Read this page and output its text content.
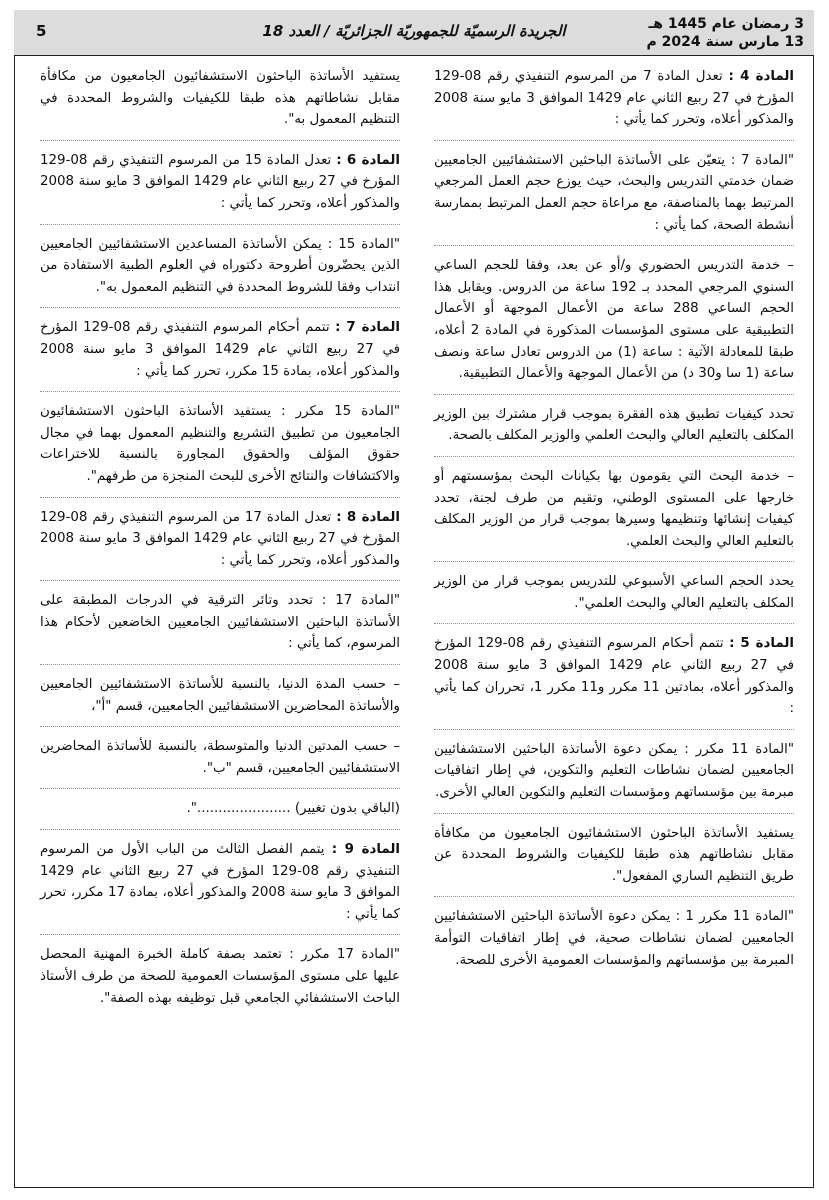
3 رمضان عام 1445 هـ
13 مارس سنة 2024 م
الجريدة الرسميّة للجمهوريّة الجزائريّة / العدد 18
5

المادة 4 : تعدل المادة 7 من المرسوم التنفيذي رقم 08-129 المؤرخ في 27 ربيع الثاني عام 1429 الموافق 3 مايو سنة 2008 والمذكور أعلاه، وتحرر كما يأتي :

"المادة 7 : يتعيّن على الأساتذة الباحثين الاستشفائيين الجامعيين ضمان خدمتي التدريس والبحث، حيث يوزع حجم العمل المرجعي المرتبط بهما بالمناصفة، مع مراعاة حجم العمل المرتبط بممارسة أنشطة الصحة، كما يأتي :

– خدمة التدريس الحضوري و/أو عن بعد، وفقا للحجم الساعي السنوي المرجعي المحدد بـ 192 ساعة من الدروس. ويقابل هذا الحجم الساعي 288 ساعة من الأعمال الموجهة أو الأعمال التطبيقية على مستوى المؤسسات المذكورة في المادة 2 أعلاه، طبقا للمعادلة الآتية : ساعة (1) من الدروس تعادل ساعة ونصف ساعة (1 سا و30 د) من الأعمال الموجهة والأعمال التطبيقية.

تحدد كيفيات تطبيق هذه الفقرة بموجب قرار مشترك بين الوزير المكلف بالتعليم العالي والبحث العلمي والوزير المكلف بالصحة.

– خدمة البحث التي يقومون بها بكيانات البحث بمؤسستهم أو خارجها على المستوى الوطني، وتقيم من طرف لجنة، تحدد كيفيات إنشائها وتنظيمها وسيرها بموجب قرار من الوزير المكلف بالتعليم العالي والبحث العلمي.

يحدد الحجم الساعي الأسبوعي للتدريس بموجب قرار من الوزير المكلف بالتعليم العالي والبحث العلمي".

المادة 5 : تتمم أحكام المرسوم التنفيذي رقم 08-129 المؤرخ في 27 ربيع الثاني عام 1429 الموافق 3 مايو سنة 2008 والمذكور أعلاه، بمادتين 11 مكرر و11 مكرر 1، تحرران كما يأتي :

"المادة 11 مكرر : يمكن دعوة الأساتذة الباحثين الاستشفائيين الجامعيين لضمان نشاطات التعليم والتكوين، في إطار اتفاقيات مبرمة بين مؤسساتهم ومؤسسات التعليم والتكوين العالي الأخرى.

يستفيد الأساتذة الباحثون الاستشفائيون الجامعيون من مكافأة مقابل نشاطاتهم هذه طبقا للكيفيات والشروط المحددة عن طريق التنظيم الساري المفعول".

"المادة 11 مكرر 1 : يمكن دعوة الأساتذة الباحثين الاستشفائيين الجامعيين لضمان نشاطات صحية، في إطار اتفاقيات التوأمة المبرمة بين مؤسساتهم والمؤسسات العمومية الأخرى للصحة.

يستفيد الأساتذة الباحثون الاستشفائيون الجامعيون من مكافأة مقابل نشاطاتهم هذه طبقا للكيفيات والشروط المحددة في التنظيم المعمول به".

المادة 6 : تعدل المادة 15 من المرسوم التنفيذي رقم 08-129 المؤرخ في 27 ربيع الثاني عام 1429 الموافق 3 مايو سنة 2008 والمذكور أعلاه، وتحرر كما يأتي :

"المادة 15 : يمكن الأساتذة المساعدين الاستشفائيين الجامعيين الذين يحضّرون أطروحة دكتوراه في العلوم الطبية الاستفادة من انتداب وفقا للشروط المحددة في التنظيم المعمول به".

المادة 7 : تتمم أحكام المرسوم التنفيذي رقم 08-129 المؤرخ في 27 ربيع الثاني عام 1429 الموافق 3 مايو سنة 2008 والمذكور أعلاه، بمادة 15 مكرر، تحرر كما يأتي :

"المادة 15 مكرر : يستفيد الأساتذة الباحثون الاستشفائيون الجامعيون من تطبيق التشريع والتنظيم المعمول بهما في مجال حقوق المؤلف والحقوق المجاورة بالنسبة للاختراعات والاكتشافات والنتائج الأخرى للبحث المنجزة من طرفهم".

المادة 8 : تعدل المادة 17 من المرسوم التنفيذي رقم 08-129 المؤرخ في 27 ربيع الثاني عام 1429 الموافق 3 مايو سنة 2008 والمذكور أعلاه، وتحرر كما يأتي :

"المادة 17 : تحدد وتائر الترقية في الدرجات المطبقة على الأساتذة الباحثين الاستشفائيين الجامعيين الخاضعين لأحكام هذا المرسوم، كما يأتي :

– حسب المدة الدنيا، بالنسبة للأساتذة الاستشفائيين الجامعيين والأساتذة المحاضرين الاستشفائيين الجامعيين، قسم "أ"،

– حسب المدتين الدنيا والمتوسطة، بالنسبة للأساتذة المحاضرين الاستشفائيين الجامعيين، قسم "ب".

(الباقي بدون تغيير) ......................".

المادة 9 : يتمم الفصل الثالث من الباب الأول من المرسوم التنفيذي رقم 08-129 المؤرخ في 27 ربيع الثاني عام 1429 الموافق 3 مايو سنة 2008 والمذكور أعلاه، بمادة 17 مكرر، تحرر كما يأتي :

"المادة 17 مكرر : تعتمد بصفة كاملة الخبرة المهنية المحصل عليها على مستوى المؤسسات العمومية للصحة من طرف الأستاذ الباحث الاستشفائي الجامعي قبل توظيفه بهذه الصفة".
